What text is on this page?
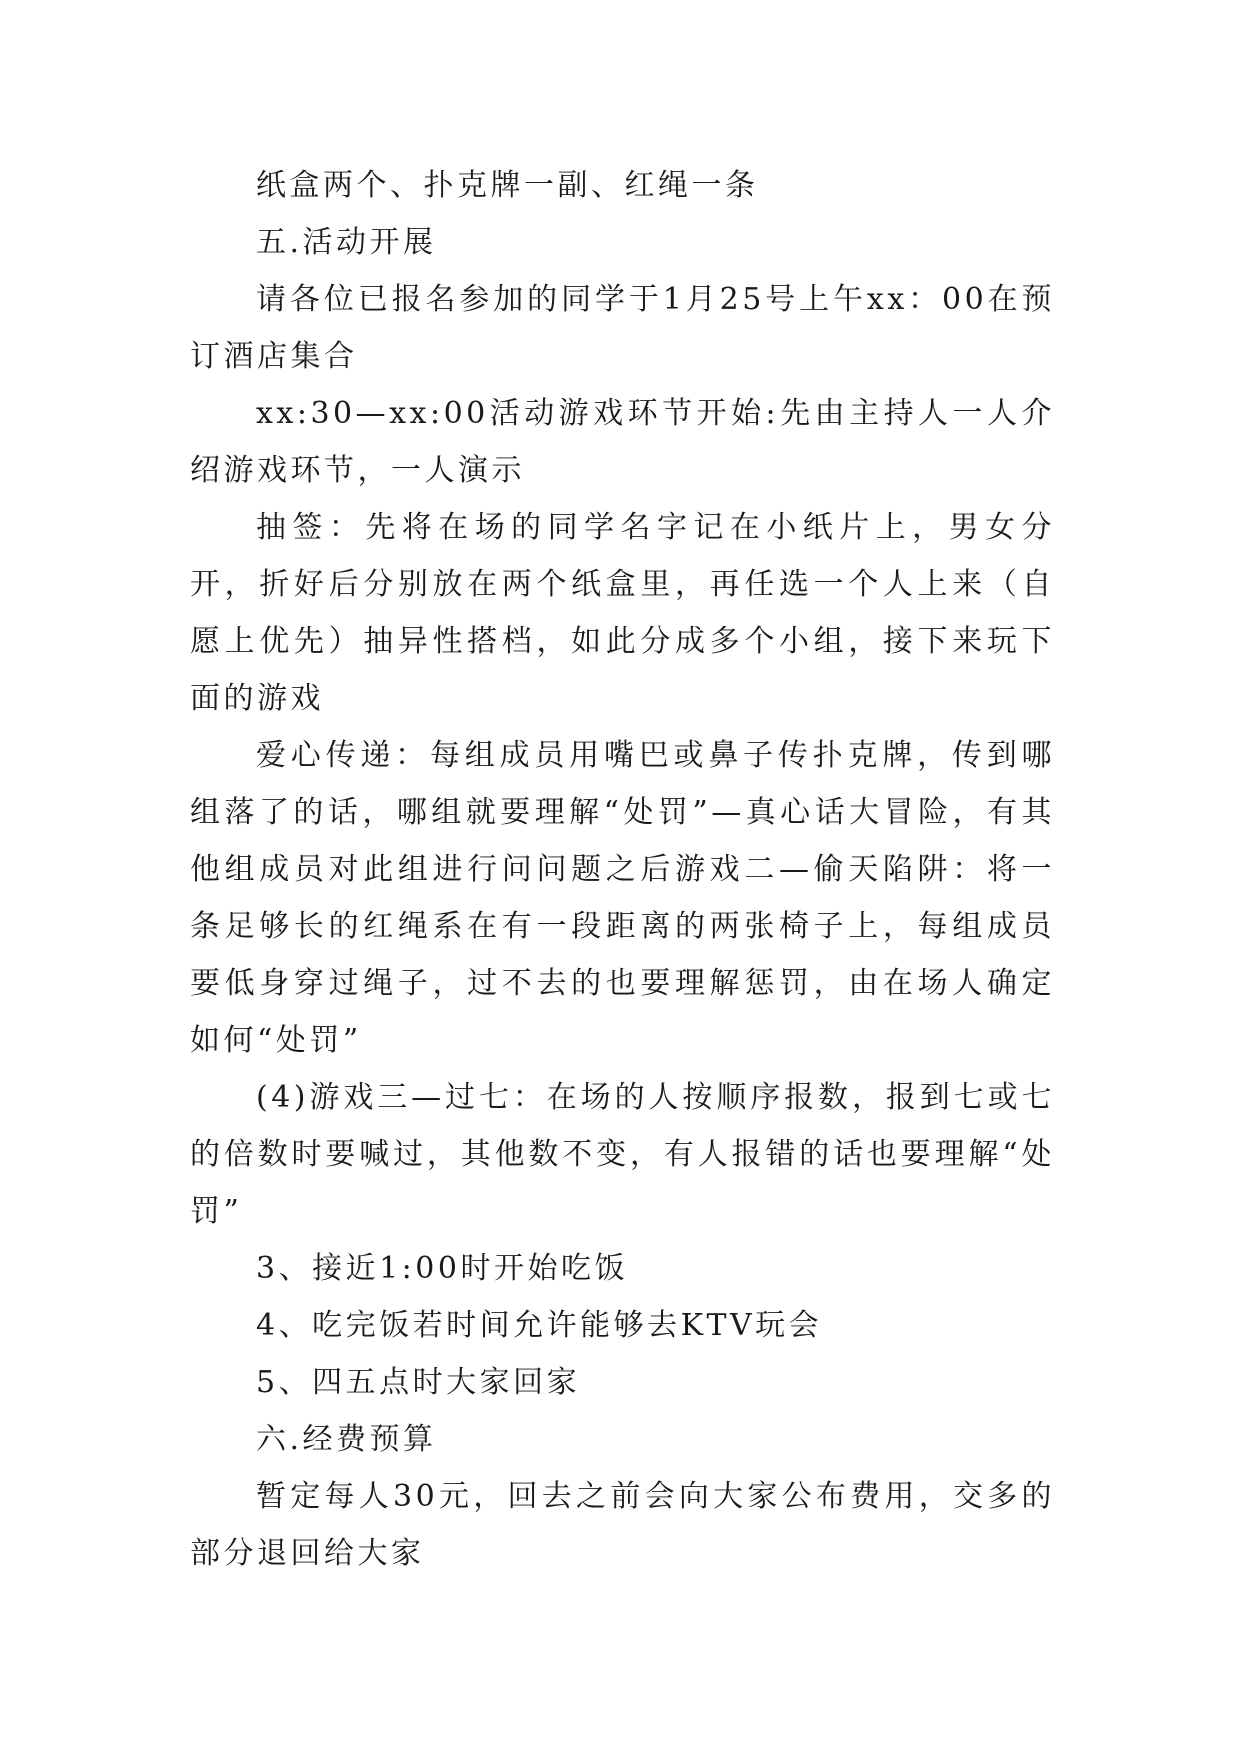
纸盒两个、扑克牌一副、红绳一条

五.活动开展

请各位已报名参加的同学于1月25号上午xx：00在预订酒店集合

xx:30—xx:00活动游戏环节开始:先由主持人一人介绍游戏环节，一人演示

抽签：先将在场的同学名字记在小纸片上，男女分开，折好后分别放在两个纸盒里，再任选一个人上来（自愿上优先）抽异性搭档，如此分成多个小组，接下来玩下面的游戏

爱心传递：每组成员用嘴巴或鼻子传扑克牌，传到哪组落了的话，哪组就要理解“处罚”—真心话大冒险，有其他组成员对此组进行问问题之后游戏二—偷天陷阱：将一条足够长的红绳系在有一段距离的两张椅子上，每组成员要低身穿过绳子，过不去的也要理解惩罚，由在场人确定如何“处罚”

(4)游戏三—过七：在场的人按顺序报数，报到七或七的倍数时要喊过，其他数不变，有人报错的话也要理解“处罚”

3、接近1:00时开始吃饭

4、吃完饭若时间允许能够去KTV玩会

5、四五点时大家回家

六.经费预算

暂定每人30元，回去之前会向大家公布费用，交多的部分退回给大家
